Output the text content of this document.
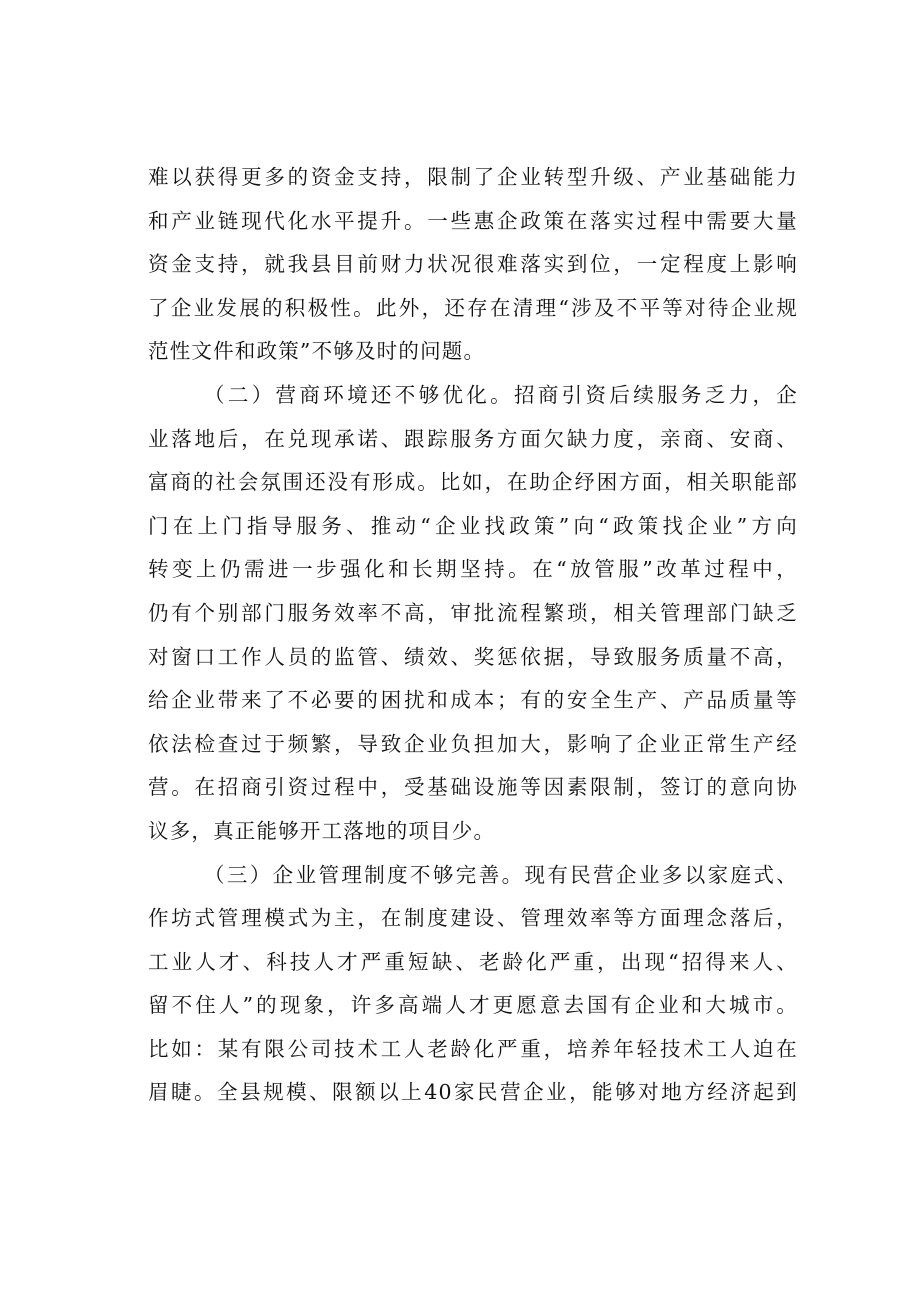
难以获得更多的资金支持，限制了企业转型升级、产业基础能力
和产业链现代化水平提升。一些惠企政策在落实过程中需要大量
资金支持，就我县目前财力状况很难落实到位，一定程度上影响
了企业发展的积极性。此外，还存在清理“涉及不平等对待企业规
范性文件和政策”不够及时的问题。
（二）营商环境还不够优化。招商引资后续服务乏力，企
业落地后，在兑现承诺、跟踪服务方面欠缺力度，亲商、安商、
富商的社会氛围还没有形成。比如，在助企纾困方面，相关职能部
门在上门指导服务、推动“企业找政策”向“政策找企业”方向
转变上仍需进一步强化和长期坚持。在“放管服”改革过程中，
仍有个别部门服务效率不高，审批流程繁琐，相关管理部门缺乏
对窗口工作人员的监管、绩效、奖惩依据，导致服务质量不高，
给企业带来了不必要的困扰和成本；有的安全生产、产品质量等
依法检查过于频繁，导致企业负担加大，影响了企业正常生产经
营。在招商引资过程中，受基础设施等因素限制，签订的意向协
议多，真正能够开工落地的项目少。
（三）企业管理制度不够完善。现有民营企业多以家庭式、
作坊式管理模式为主，在制度建设、管理效率等方面理念落后，
工业人才、科技人才严重短缺、老龄化严重，出现“招得来人、
留不住人”的现象，许多高端人才更愿意去国有企业和大城市。
比如：某有限公司技术工人老龄化严重，培养年轻技术工人迫在
眉睫。全县规模、限额以上40家民营企业，能够对地方经济起到
